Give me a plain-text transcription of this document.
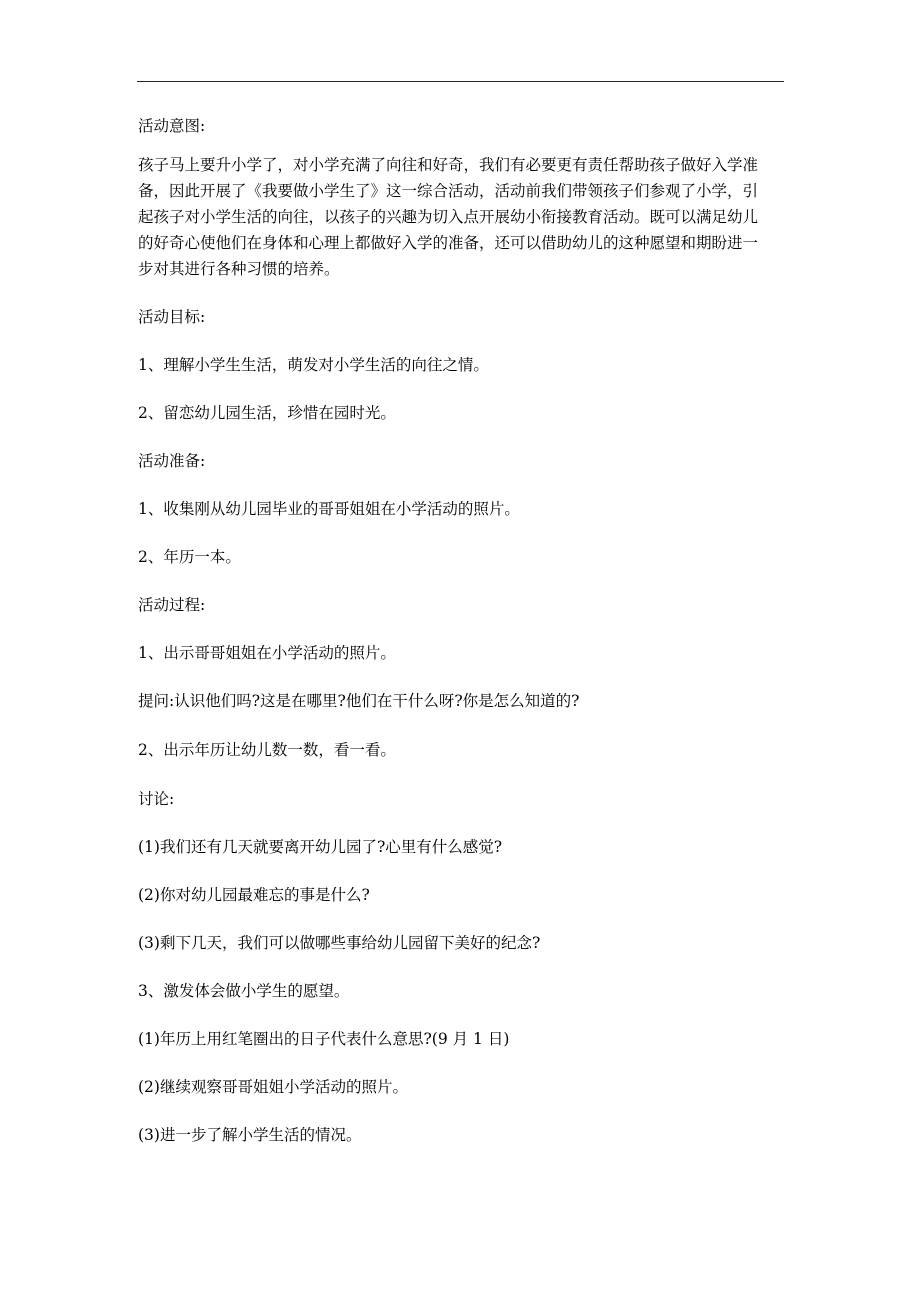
活动意图:
孩子马上要升小学了，对小学充满了向往和好奇，我们有必要更有责任帮助孩子做好入学准
备，因此开展了《我要做小学生了》这一综合活动，活动前我们带领孩子们参观了小学，引
起孩子对小学生活的向往，以孩子的兴趣为切入点开展幼小衔接教育活动。既可以满足幼儿
的好奇心使他们在身体和心理上都做好入学的准备，还可以借助幼儿的这种愿望和期盼进一
步对其进行各种习惯的培养。
活动目标:
1、理解小学生生活，萌发对小学生活的向往之情。
2、留恋幼儿园生活，珍惜在园时光。
活动准备:
1、收集刚从幼儿园毕业的哥哥姐姐在小学活动的照片。
2、年历一本。
活动过程:
1、出示哥哥姐姐在小学活动的照片。
提问:认识他们吗?这是在哪里?他们在干什么呀?你是怎么知道的?
2、出示年历让幼儿数一数，看一看。
讨论:
(1)我们还有几天就要离开幼儿园了?心里有什么感觉?
(2)你对幼儿园最难忘的事是什么?
(3)剩下几天，我们可以做哪些事给幼儿园留下美好的纪念?
3、激发体会做小学生的愿望。
(1)年历上用红笔圈出的日子代表什么意思?(9 月 1 日)
(2)继续观察哥哥姐姐小学活动的照片。
(3)进一步了解小学生活的情况。
